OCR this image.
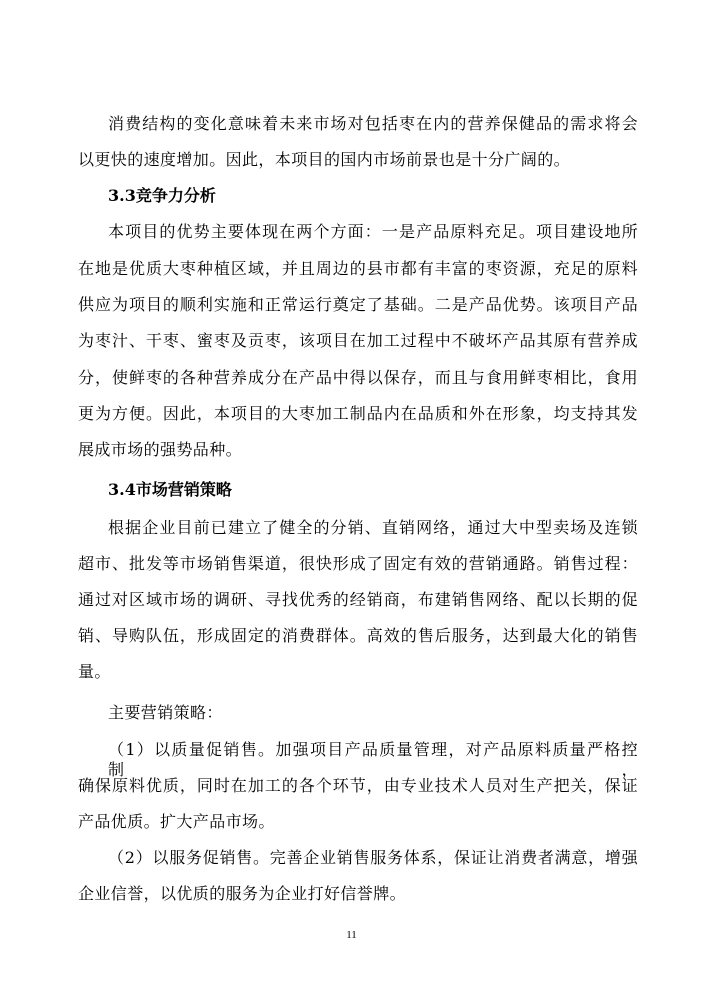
消费结构的变化意味着未来市场对包括枣在内的营养保健品的需求将会
以更快的速度增加。因此，本项目的国内市场前景也是十分广阔的。
3.3竞争力分析
本项目的优势主要体现在两个方面：一是产品原料充足。项目建设地所
在地是优质大枣种植区域，并且周边的县市都有丰富的枣资源，充足的原料
供应为项目的顺利实施和正常运行奠定了基础。二是产品优势。该项目产品
为枣汁、干枣、蜜枣及贡枣，该项目在加工过程中不破坏产品其原有营养成
分，使鲜枣的各种营养成分在产品中得以保存，而且与食用鲜枣相比，食用
更为方便。因此，本项目的大枣加工制品内在品质和外在形象，均支持其发
展成市场的强势品种。
3.4市场营销策略
根据企业目前已建立了健全的分销、直销网络，通过大中型卖场及连锁
超市、批发等市场销售渠道，很快形成了固定有效的营销通路。销售过程：
通过对区域市场的调研、寻找优秀的经销商，布建销售网络、配以长期的促
销、导购队伍，形成固定的消费群体。高效的售后服务，达到最大化的销售
量。
主要营销策略：
（1）以质量促销售。加强项目产品质量管理，对产品原料质量严格控制，
确保原料优质，同时在加工的各个环节，由专业技术人员对生产把关，保证
产品优质。扩大产品市场。
（2）以服务促销售。完善企业销售服务体系，保证让消费者满意，增强
企业信誉，以优质的服务为企业打好信誉牌。
11
